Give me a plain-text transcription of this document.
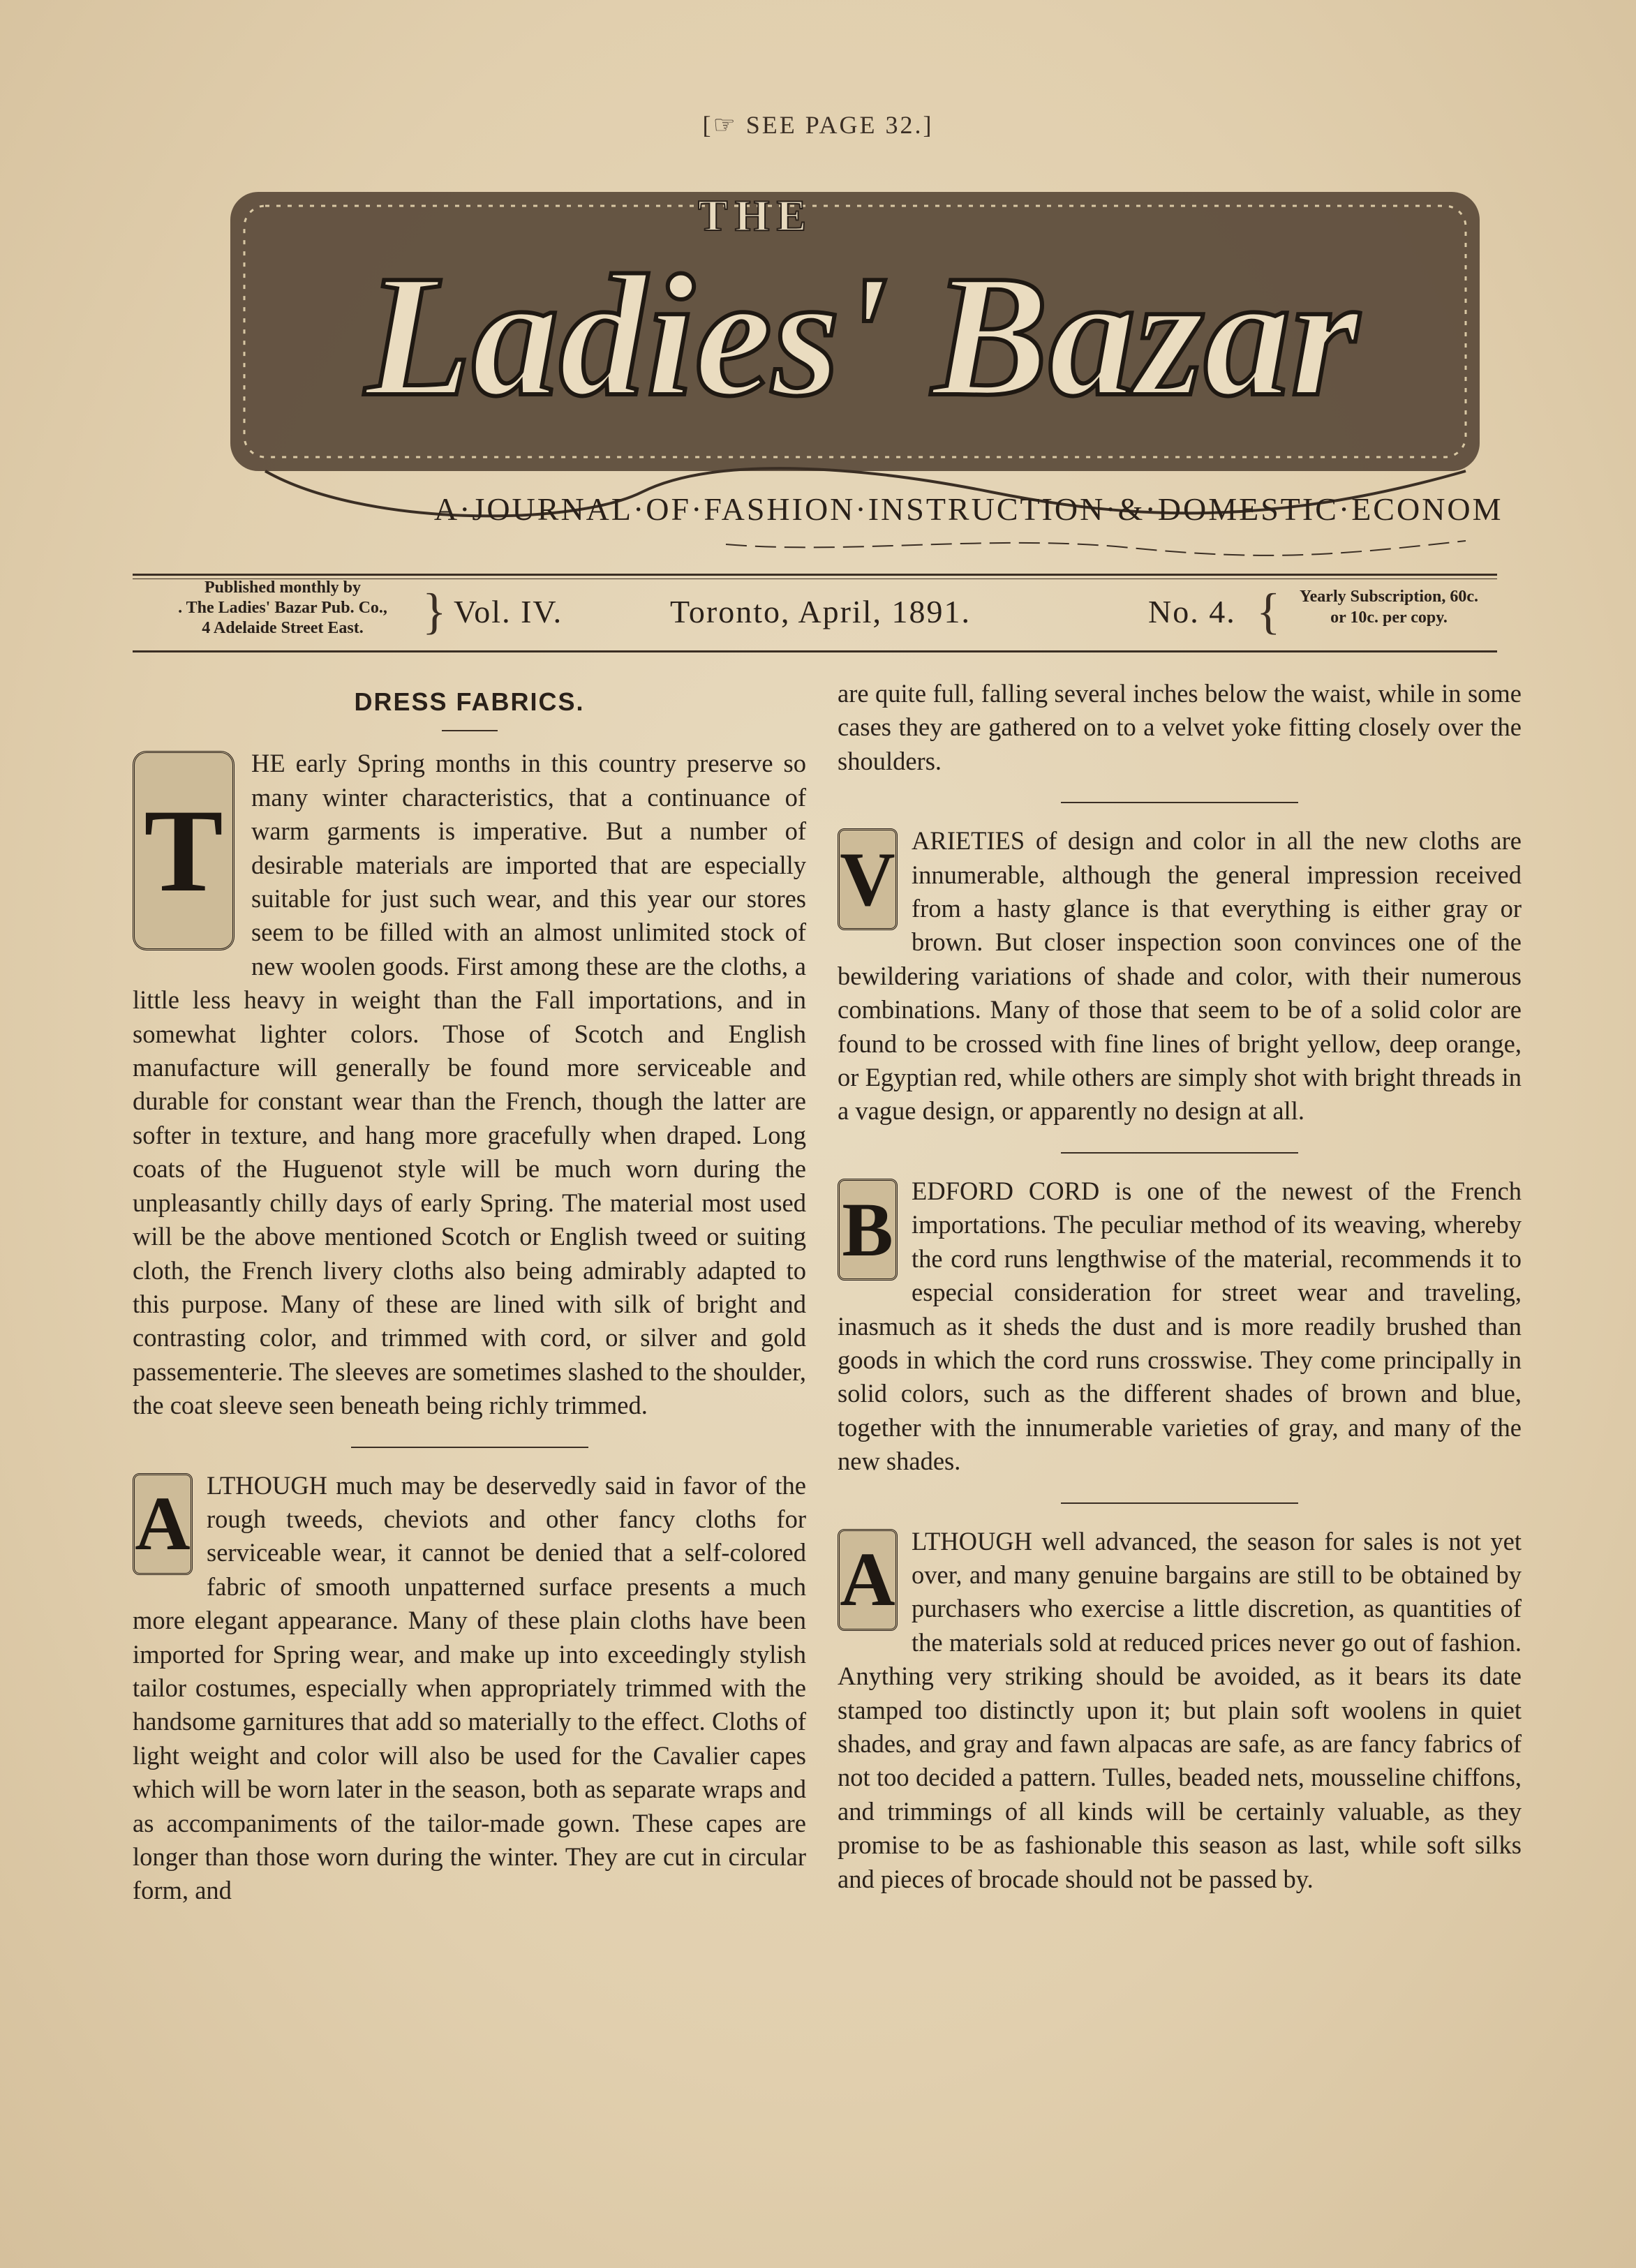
[☞ SEE PAGE 32.]
THE
Ladies' Bazar
A·JOURNAL·OF·FASHION·INSTRUCTION·&·DOMESTIC·ECONOMY·
Published monthly by
. The Ladies' Bazar Pub. Co.,
4 Adelaide Street East.	} Vol. IV.	Toronto, April, 1891.	No. 4. {	Yearly Subscription, 60c.
or 10c. per copy.
DRESS FABRICS.
T

HE early Spring months in this country preserve so many winter characteristics, that a continuance of warm garments is imperative. But a number of desirable materials are imported that are especially suitable for just such wear, and this year our stores seem to be filled with an almost unlimited stock of new woolen goods. First among these are the cloths, a little less heavy in weight than the Fall importations, and in somewhat lighter colors. Those of Scotch and English manufacture will generally be found more serviceable and durable for constant wear than the French, though the latter are softer in texture, and hang more gracefully when draped. Long coats of the Huguenot style will be much worn during the unpleasantly chilly days of early Spring. The material most used will be the above mentioned Scotch or English tweed or suiting cloth, the French livery cloths also being admirably adapted to this purpose. Many of these are lined with silk of bright and contrasting color, and trimmed with cord, or silver and gold passementerie. The sleeves are sometimes slashed to the shoulder, the coat sleeve seen beneath being richly trimmed.

A LTHOUGH much may be deservedly said in favor of the rough tweeds, cheviots and other fancy cloths for serviceable wear, it cannot be denied that a self-colored fabric of smooth unpatterned surface presents a much more elegant appearance. Many of these plain cloths have been imported for Spring wear, and make up into exceedingly stylish tailor costumes, especially when appropriately trimmed with the handsome garnitures that add so materially to the effect. Cloths of light weight and color will also be used for the Cavalier capes which will be worn later in the season, both as separate wraps and as accompaniments of the tailor-made gown. These capes are longer than those worn during the winter. They are cut in circular form, and

are quite full, falling several inches below the waist, while in some cases they are gathered on to a velvet yoke fitting closely over the shoulders.

V ARIETIES of design and color in all the new cloths are innumerable, although the general impression received from a hasty glance is that everything is either gray or brown. But closer inspection soon convinces one of the bewildering variations of shade and color, with their numerous combinations. Many of those that seem to be of a solid color are found to be crossed with fine lines of bright yellow, deep orange, or Egyptian red, while others are simply shot with bright threads in a vague design, or apparently no design at all.

B EDFORD CORD is one of the newest of the French importations. The peculiar method of its weaving, whereby the cord runs lengthwise of the material, recommends it to especial consideration for street wear and traveling, inasmuch as it sheds the dust and is more readily brushed than goods in which the cord runs crosswise. They come principally in solid colors, such as the different shades of brown and blue, together with the innumerable varieties of gray, and many of the new shades.

A LTHOUGH well advanced, the season for sales is not yet over, and many genuine bargains are still to be obtained by purchasers who exercise a little discretion, as quantities of the materials sold at reduced prices never go out of fashion. Anything very striking should be avoided, as it bears its date stamped too distinctly upon it; but plain soft woolens in quiet shades, and gray and fawn alpacas are safe, as are fancy fabrics of not too decided a pattern. Tulles, beaded nets, mousseline chiffons, and trimmings of all kinds will be certainly valuable, as they promise to be as fashionable this season as last, while soft silks and pieces of brocade should not be passed by.
